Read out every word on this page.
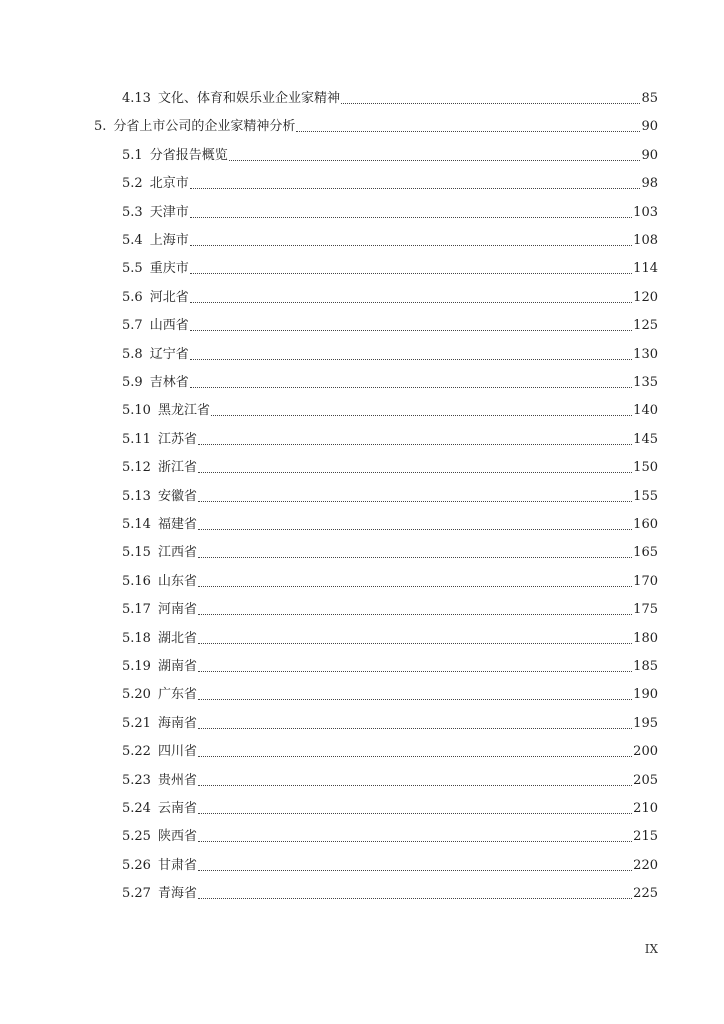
4.13 文化、体育和娱乐业企业家精神	85
5. 分省上市公司的企业家精神分析	90
5.1 分省报告概览	90
5.2 北京市	98
5.3 天津市	103
5.4 上海市	108
5.5 重庆市	114
5.6 河北省	120
5.7 山西省	125
5.8 辽宁省	130
5.9 吉林省	135
5.10 黑龙江省	140
5.11 江苏省	145
5.12 浙江省	150
5.13 安徽省	155
5.14 福建省	160
5.15 江西省	165
5.16 山东省	170
5.17 河南省	175
5.18 湖北省	180
5.19 湖南省	185
5.20 广东省	190
5.21 海南省	195
5.22 四川省	200
5.23 贵州省	205
5.24 云南省	210
5.25 陕西省	215
5.26 甘肃省	220
5.27 青海省	225
IX
